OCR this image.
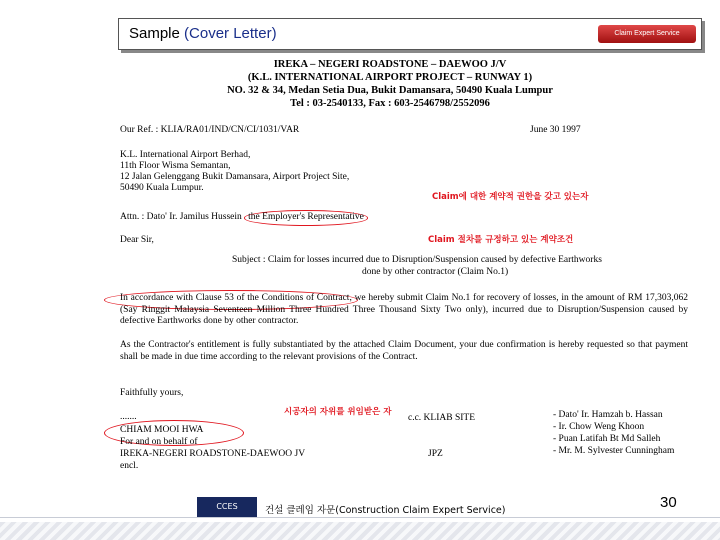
Sample (Cover Letter)	Claim Expert Service
IREKA – NEGERI ROADSTONE – DAEWOO J/V
(K.L. INTERNATIONAL AIRPORT PROJECT – RUNWAY 1)
NO. 32 & 34, Medan Setia Dua, Bukit Damansara, 50490 Kuala Lumpur
Tel : 03-2540133, Fax : 603-2546798/2552096
Our Ref. : KLIA/RA01/IND/CN/CI/1031/VAR	June 30 1997
K.L. International Airport Berhad,
11th Floor Wisma Semantan,
12 Jalan Gelenggang Bukit Damansara, Airport Project Site,
50490 Kuala Lumpur.
Claim에 대한 계약적 권한을 갖고 있는자
Attn. : Dato' Ir. Jamilus Hussein the Employer's Representative
Dear Sir,	Claim 절차를 규정하고 있는 계약조건
Subject : Claim for losses incurred due to Disruption/Suspension caused by defective Earthworks
done by other contractor (Claim No.1)
In accordance with Clause 53 of the Conditions of Contract, we hereby submit Claim No.1 for recovery of losses, in the amount of RM 17,303,062 (Say Ringgit Malaysia Seventeen Million Three Hundred Three Thousand Sixty Two only), incurred due to Disruption/Suspension caused by defective Earthworks done by other contractor.
As the Contractor's entitlement is fully substantiated by the attached Claim Document, your due confirmation is hereby requested so that payment shall be made in due time according to the relevant provisions of the Contract.
Faithfully yours,
시공자의 자위를 위임받은 자
.......
CHIAM MOOI HWA
For and on behalf of
IREKA-NEGERI ROADSTONE-DAEWOO JV
encl.
c.c. KLIAB SITE
JPZ
- Dato' Ir. Hamzah b. Hassan
- Ir. Chow Weng Khoon
- Puan Latifah Bt Md Salleh
- Mr. M. Sylvester Cunningham
CCES	건설 클레임 자문(Construction Claim Expert Service)	30
